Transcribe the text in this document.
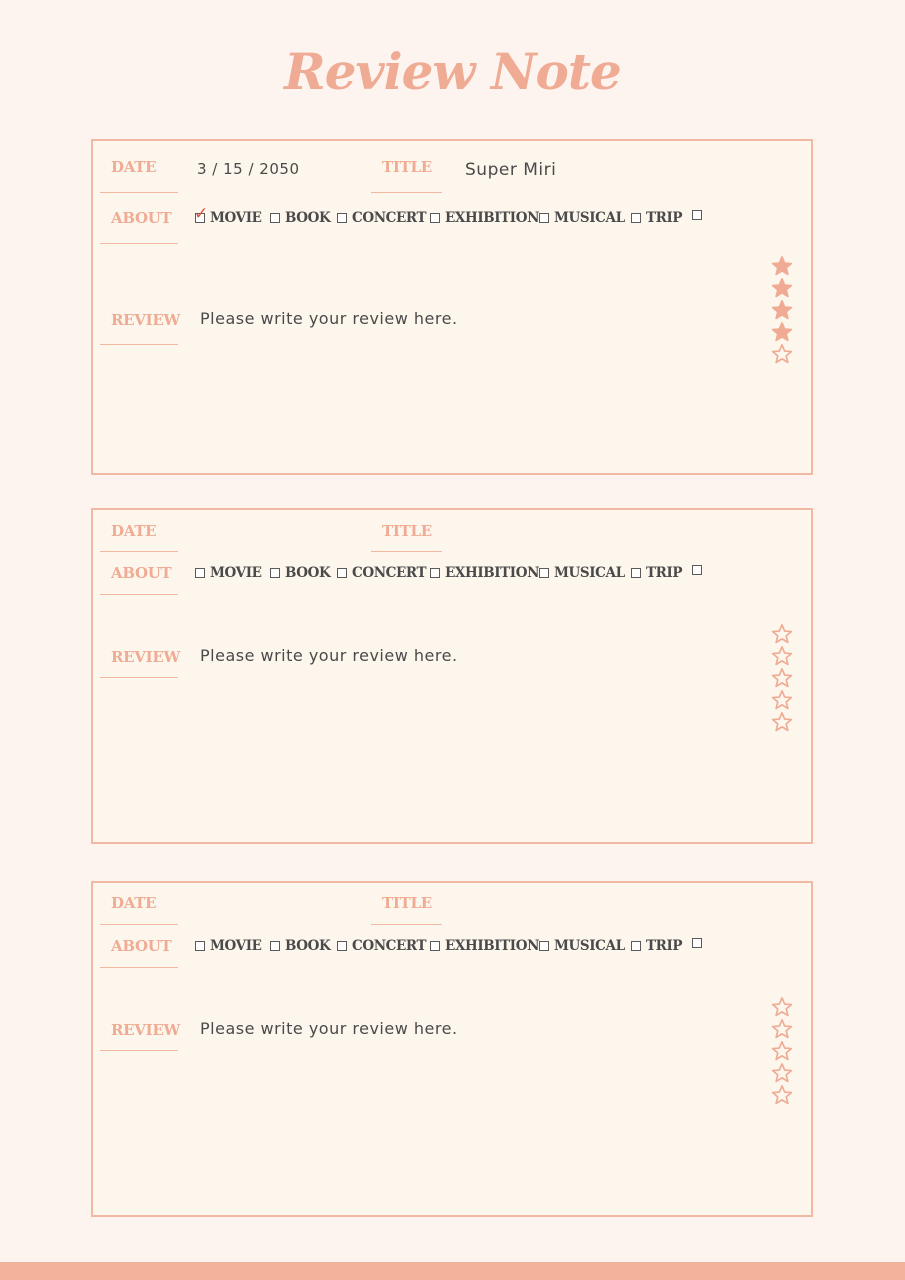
Review Note
DATE	3 / 15 / 2050	TITLE Super Miri
ABOUT ✓ MOVIE BOOK CONCERT EXHIBITION MUSICAL TRIP
REVIEW Please write your review here.
DATE	TITLE
ABOUT	MOVIE BOOK CONCERT EXHIBITION MUSICAL TRIP
REVIEW Please write your review here.
DATE	TITLE
ABOUT	MOVIE BOOK CONCERT EXHIBITION MUSICAL TRIP
REVIEW Please write your review here.
